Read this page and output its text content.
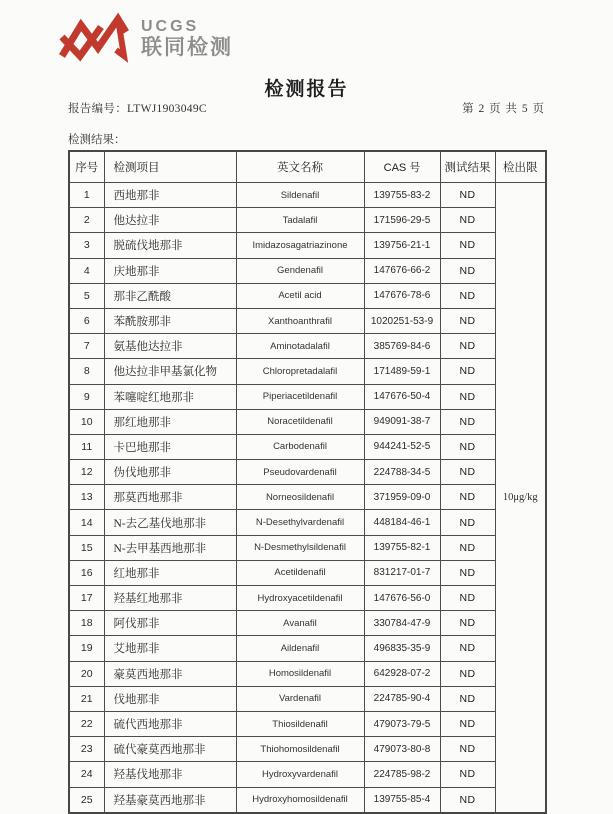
UCGS
联同检测
检测报告
报告编号：LTWJ1903049C	第 2 页 共 5 页
检测结果：
序号	检测项目	英文名称	CAS 号	测试结果	检出限
1	西地那非	Sildenafil	139755-83-2	ND	10μg/kg
2	他达拉非	Tadalafil	171596-29-5	ND	
3	脱硫伐地那非	Imidazosagatriazinone	139756-21-1	ND	
4	庆地那非	Gendenafil	147676-66-2	ND	
5	那非乙酰酸	Acetil acid	147676-78-6	ND	
6	苯酰胺那非	Xanthoanthrafil	1020251-53-9	ND	
7	氨基他达拉非	Aminotadalafil	385769-84-6	ND	
8	他达拉非甲基氯化物	Chloropretadalafil	171489-59-1	ND	
9	苯噻啶红地那非	Piperiacetildenafil	147676-50-4	ND	
10	那红地那非	Noracetildenafil	949091-38-7	ND	
11	卡巴地那非	Carbodenafil	944241-52-5	ND	
12	伪伐地那非	Pseudovardenafil	224788-34-5	ND	
13	那莫西地那非	Norneosildenafil	371959-09-0	ND	
14	N-去乙基伐地那非	N-Desethylvardenafil	448184-46-1	ND	
15	N-去甲基西地那非	N-Desmethylsildenafil	139755-82-1	ND	
16	红地那非	Acetildenafil	831217-01-7	ND	
17	羟基红地那非	Hydroxyacetildenafil	147676-56-0	ND	
18	阿伐那非	Avanafil	330784-47-9	ND	
19	艾地那非	Aildenafil	496835-35-9	ND	
20	豪莫西地那非	Homosildenafil	642928-07-2	ND	
21	伐地那非	Vardenafil	224785-90-4	ND	
22	硫代西地那非	Thiosildenafil	479073-79-5	ND	
23	硫代豪莫西地那非	Thiohomosildenafil	479073-80-8	ND	
24	羟基伐地那非	Hydroxyvardenafil	224785-98-2	ND	
25	羟基豪莫西地那非	Hydroxyhomosildenafil	139755-85-4	ND	
